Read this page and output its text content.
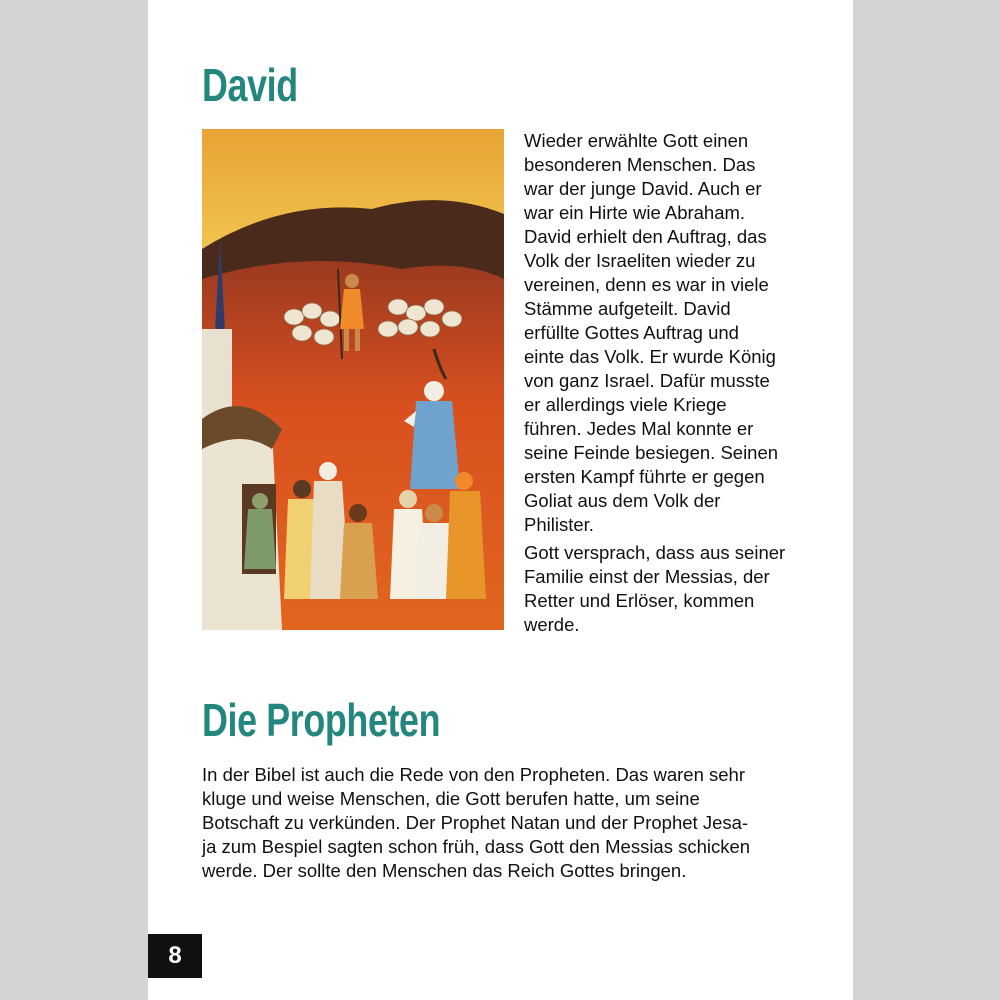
David

Wieder erwählte Gott einen
besonderen Menschen. Das
war der junge David. Auch er
war ein Hirte wie Abraham.
David erhielt den Auftrag, das
Volk der Israeliten wieder zu
vereinen, denn es war in viele
Stämme aufgeteilt. David
erfüllte Gottes Auftrag und
einte das Volk. Er wurde König
von ganz Israel. Dafür musste
er allerdings viele Kriege
führen. Jedes Mal konnte er
seine Feinde besiegen. Seinen
ersten Kampf führte er gegen
Goliat aus dem Volk der
Philister.

Gott versprach, dass aus seiner
Familie einst der Messias, der
Retter und Erlöser, kommen
werde.

Die Propheten

In der Bibel ist auch die Rede von den Propheten. Das waren sehr
kluge und weise Menschen, die Gott berufen hatte, um seine
Botschaft zu verkünden. Der Prophet Natan und der Prophet Jesa-
ja zum Bespiel sagten schon früh, dass Gott den Messias schicken
werde. Der sollte den Menschen das Reich Gottes bringen.

8
